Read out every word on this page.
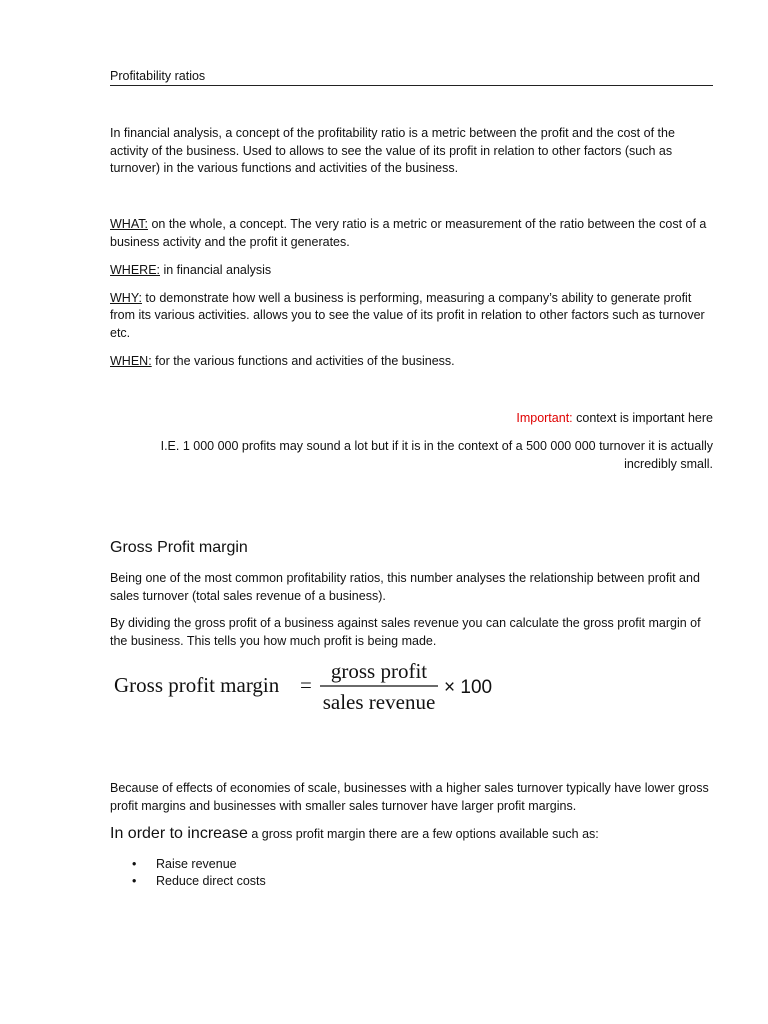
Profitability ratios

In financial analysis, a concept of the profitability ratio is a metric between the profit and the cost of the activity of the business. Used to allows to see the value of its profit in relation to other factors (such as turnover) in the various functions and activities of the business.

WHAT: on the whole, a concept. The very ratio is a metric or measurement of the ratio between the cost of a business activity and the profit it generates.

WHERE: in financial analysis

WHY: to demonstrate how well a business is performing, measuring a company’s ability to generate profit from its various activities. allows you to see the value of its profit in relation to other factors such as turnover etc.

WHEN: for the various functions and activities of the business.

Important: context is important here

I.E. 1 000 000 profits may sound a lot but if it is in the context of a 500 000 000 turnover it is actually incredibly small.

Gross Profit margin

Being one of the most common profitability ratios, this number analyses the relationship between profit and sales turnover (total sales revenue of a business).

By dividing the gross profit of a business against sales revenue you can calculate the gross profit margin of the business. This tells you how much profit is being made.

Gross profit margin =
gross profit
sales revenue
× 100

Because of effects of economies of scale, businesses with a higher sales turnover typically have lower gross profit margins and businesses with smaller sales turnover have larger profit margins.

In order to increase a gross profit margin there are a few options available such as:
• Raise revenue
• Reduce direct costs
